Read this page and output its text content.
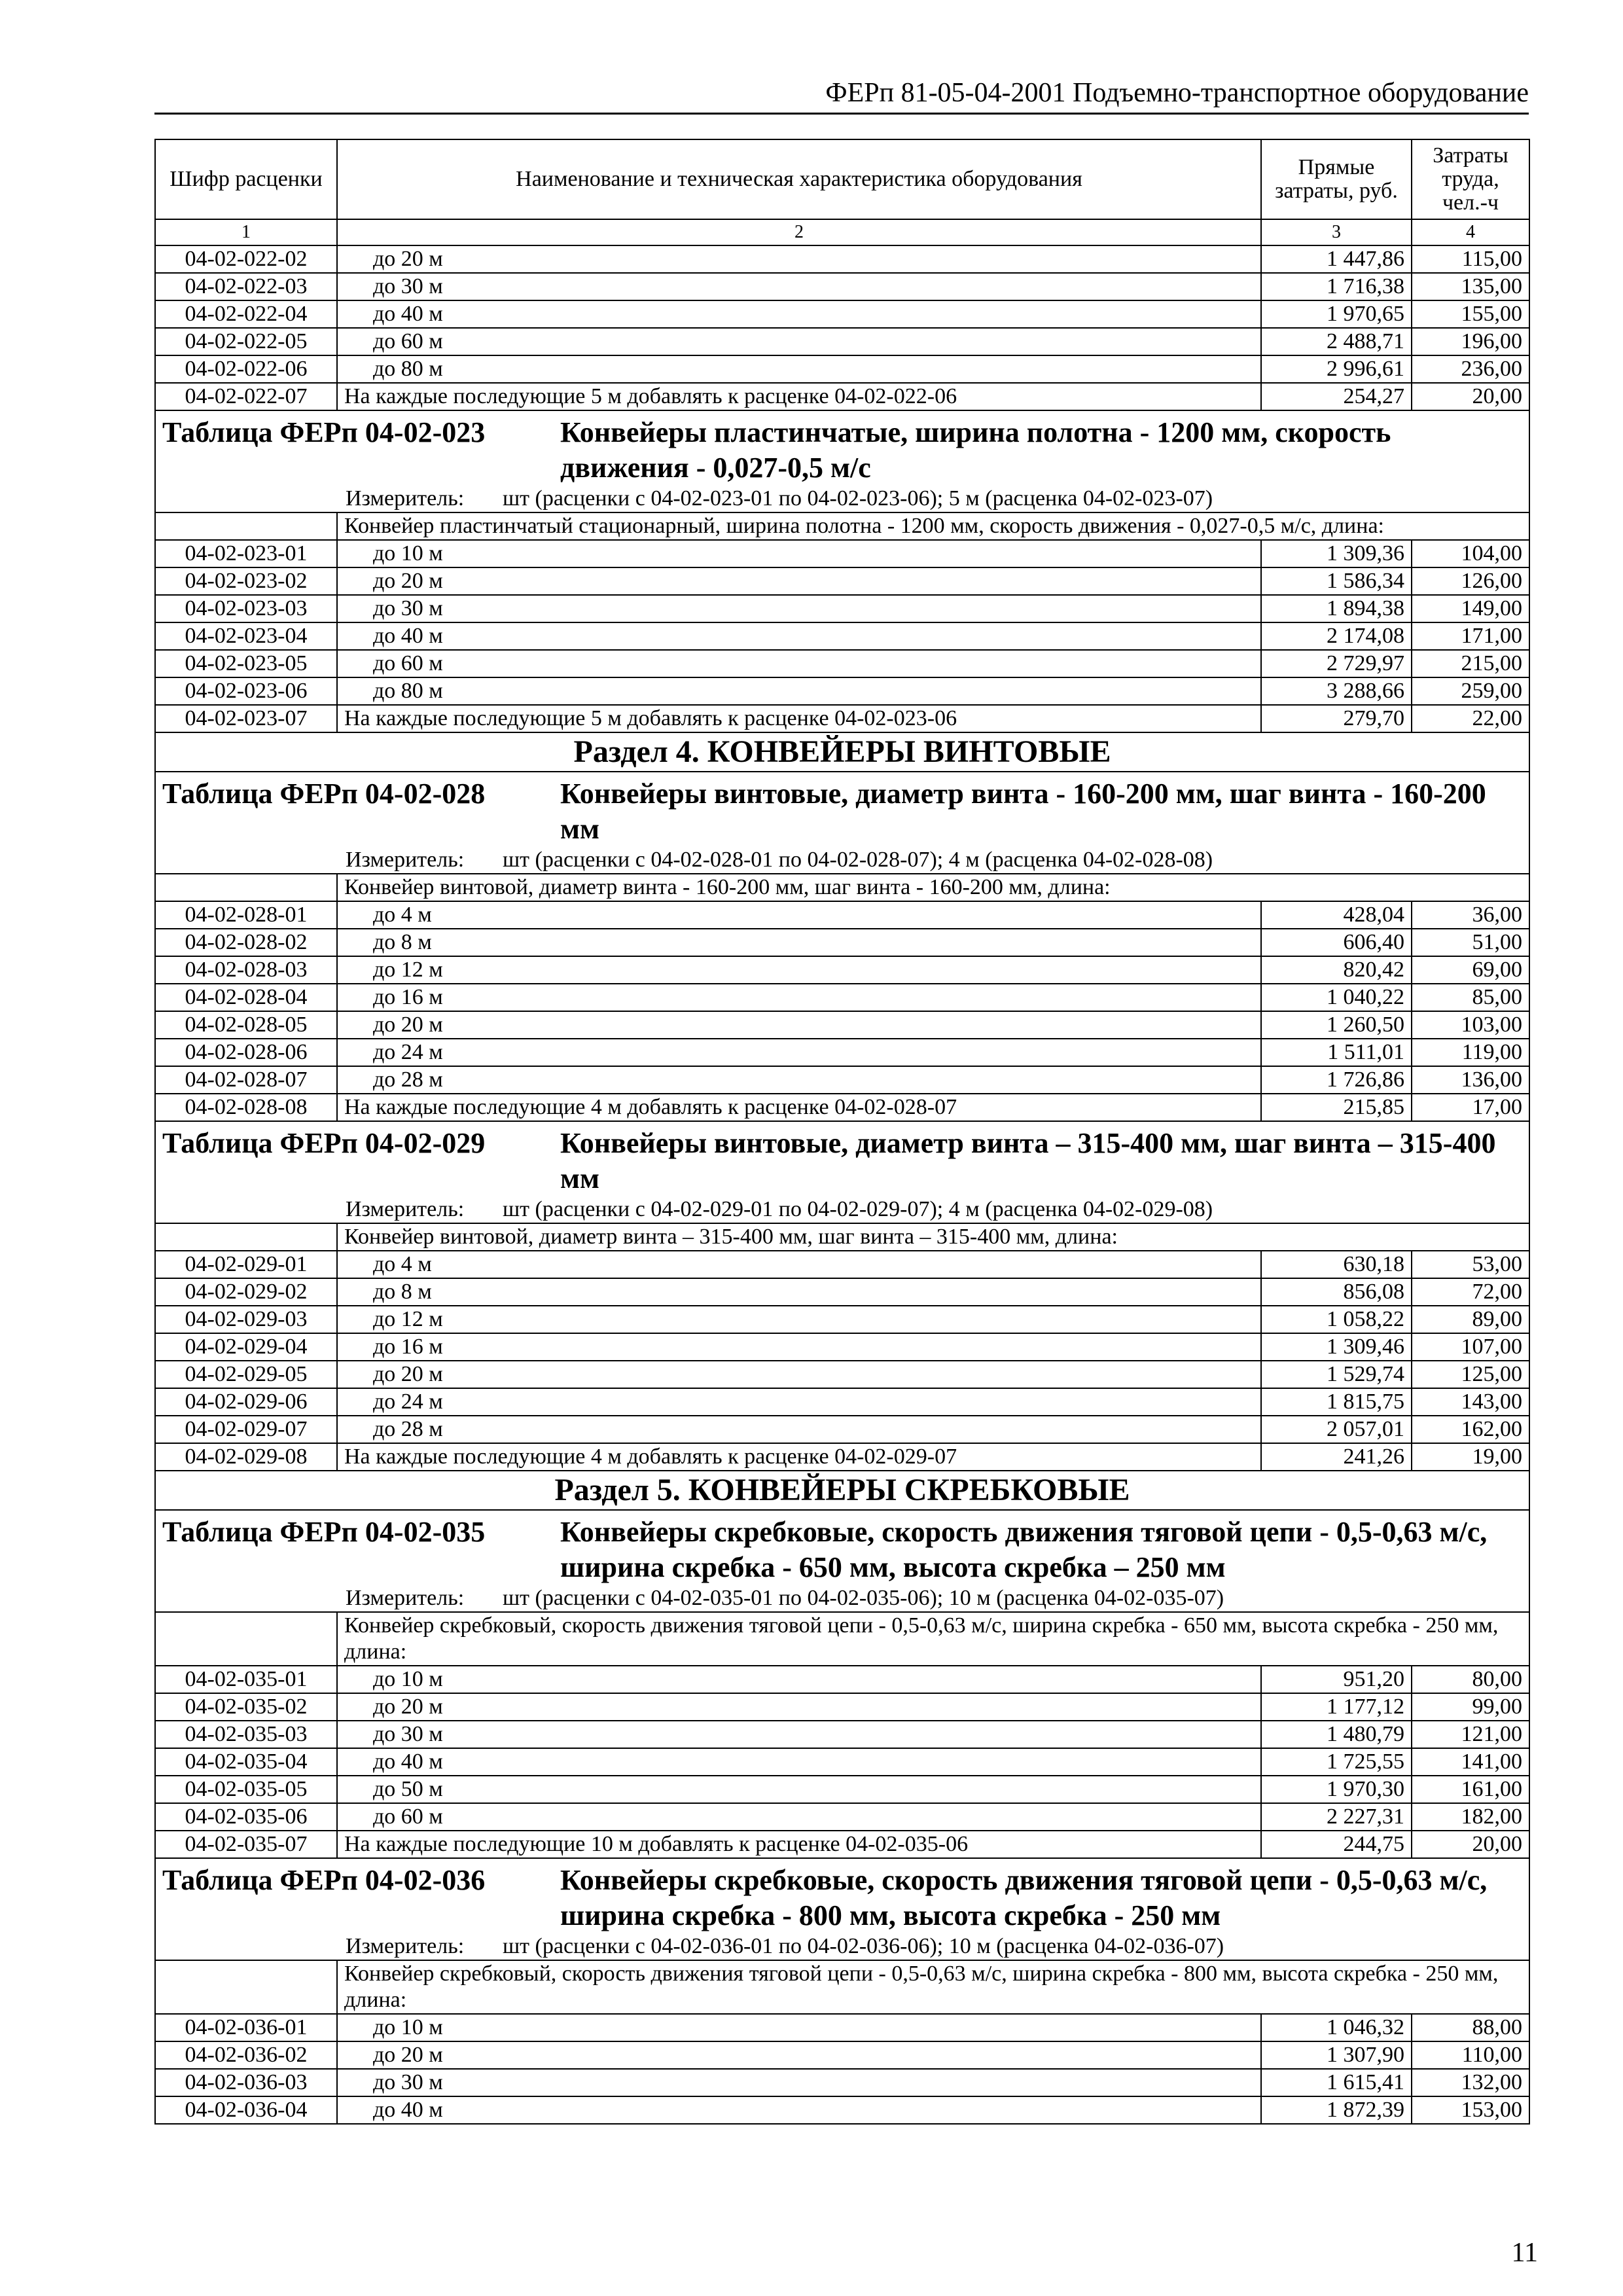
ФЕРп 81-05-04-2001 Подъемно-транспортное оборудование
Шифр расценки	Наименование и техническая характеристика оборудования	Прямые затраты, руб.	Затраты труда, чел.-ч
1	2	3	4
04-02-022-02	до 20 м	1 447,86	115,00
04-02-022-03	до 30 м	1 716,38	135,00
04-02-022-04	до 40 м	1 970,65	155,00
04-02-022-05	до 60 м	2 488,71	196,00
04-02-022-06	до 80 м	2 996,61	236,00
04-02-022-07	На каждые последующие 5 м добавлять к расценке 04-02-022-06	254,27	20,00

Таблица ФЕРп 04-02-023 Конвейеры пластинчатые, ширина полотна - 1200 мм, скорость движения - 0,027-0,5 м/с			

Измеритель: шт (расценки с 04-02-023-01 по 04-02-023-06); 5 м (расценка 04-02-023-07)			
	Конвейер пластинчатый стационарный, ширина полотна - 1200 мм, скорость движения - 0,027-0,5 м/с, длина:		
04-02-023-01	до 10 м	1 309,36	104,00
04-02-023-02	до 20 м	1 586,34	126,00
04-02-023-03	до 30 м	1 894,38	149,00
04-02-023-04	до 40 м	2 174,08	171,00
04-02-023-05	до 60 м	2 729,97	215,00
04-02-023-06	до 80 м	3 288,66	259,00
04-02-023-07	На каждые последующие 5 м добавлять к расценке 04-02-023-06	279,70	22,00
Раздел 4. КОНВЕЙЕРЫ ВИНТОВЫЕ			

Таблица ФЕРп 04-02-028 Конвейеры винтовые, диаметр винта - 160-200 мм, шаг винта - 160-200 мм			

Измеритель: шт (расценки с 04-02-028-01 по 04-02-028-07); 4 м (расценка 04-02-028-08)			
	Конвейер винтовой, диаметр винта - 160-200 мм, шаг винта - 160-200 мм, длина:		
04-02-028-01	до 4 м	428,04	36,00
04-02-028-02	до 8 м	606,40	51,00
04-02-028-03	до 12 м	820,42	69,00
04-02-028-04	до 16 м	1 040,22	85,00
04-02-028-05	до 20 м	1 260,50	103,00
04-02-028-06	до 24 м	1 511,01	119,00
04-02-028-07	до 28 м	1 726,86	136,00
04-02-028-08	На каждые последующие 4 м добавлять к расценке 04-02-028-07	215,85	17,00

Таблица ФЕРп 04-02-029 Конвейеры винтовые, диаметр винта – 315-400 мм, шаг винта – 315-400 мм			

Измеритель: шт (расценки с 04-02-029-01 по 04-02-029-07); 4 м (расценка 04-02-029-08)			
	Конвейер винтовой, диаметр винта – 315-400 мм, шаг винта – 315-400 мм, длина:		
04-02-029-01	до 4 м	630,18	53,00
04-02-029-02	до 8 м	856,08	72,00
04-02-029-03	до 12 м	1 058,22	89,00
04-02-029-04	до 16 м	1 309,46	107,00
04-02-029-05	до 20 м	1 529,74	125,00
04-02-029-06	до 24 м	1 815,75	143,00
04-02-029-07	до 28 м	2 057,01	162,00
04-02-029-08	На каждые последующие 4 м добавлять к расценке 04-02-029-07	241,26	19,00
Раздел 5. КОНВЕЙЕРЫ СКРЕБКОВЫЕ			

Таблица ФЕРп 04-02-035 Конвейеры скребковые, скорость движения тяговой цепи - 0,5-0,63 м/с, ширина скребка - 650 мм, высота скребка – 250 мм			

Измеритель: шт (расценки с 04-02-035-01 по 04-02-035-06); 10 м (расценка 04-02-035-07)			
	Конвейер скребковый, скорость движения тяговой цепи - 0,5-0,63 м/с, ширина скребка - 650 мм, высота скребка - 250 мм, длина:		
04-02-035-01	до 10 м	951,20	80,00
04-02-035-02	до 20 м	1 177,12	99,00
04-02-035-03	до 30 м	1 480,79	121,00
04-02-035-04	до 40 м	1 725,55	141,00
04-02-035-05	до 50 м	1 970,30	161,00
04-02-035-06	до 60 м	2 227,31	182,00
04-02-035-07	На каждые последующие 10 м добавлять к расценке 04-02-035-06	244,75	20,00

Таблица ФЕРп 04-02-036 Конвейеры скребковые, скорость движения тяговой цепи - 0,5-0,63 м/с, ширина скребка - 800 мм, высота скребка - 250 мм			

Измеритель: шт (расценки с 04-02-036-01 по 04-02-036-06); 10 м (расценка 04-02-036-07)			
	Конвейер скребковый, скорость движения тяговой цепи - 0,5-0,63 м/с, ширина скребка - 800 мм, высота скребка - 250 мм, длина:		
04-02-036-01	до 10 м	1 046,32	88,00
04-02-036-02	до 20 м	1 307,90	110,00
04-02-036-03	до 30 м	1 615,41	132,00
04-02-036-04	до 40 м	1 872,39	153,00
11
